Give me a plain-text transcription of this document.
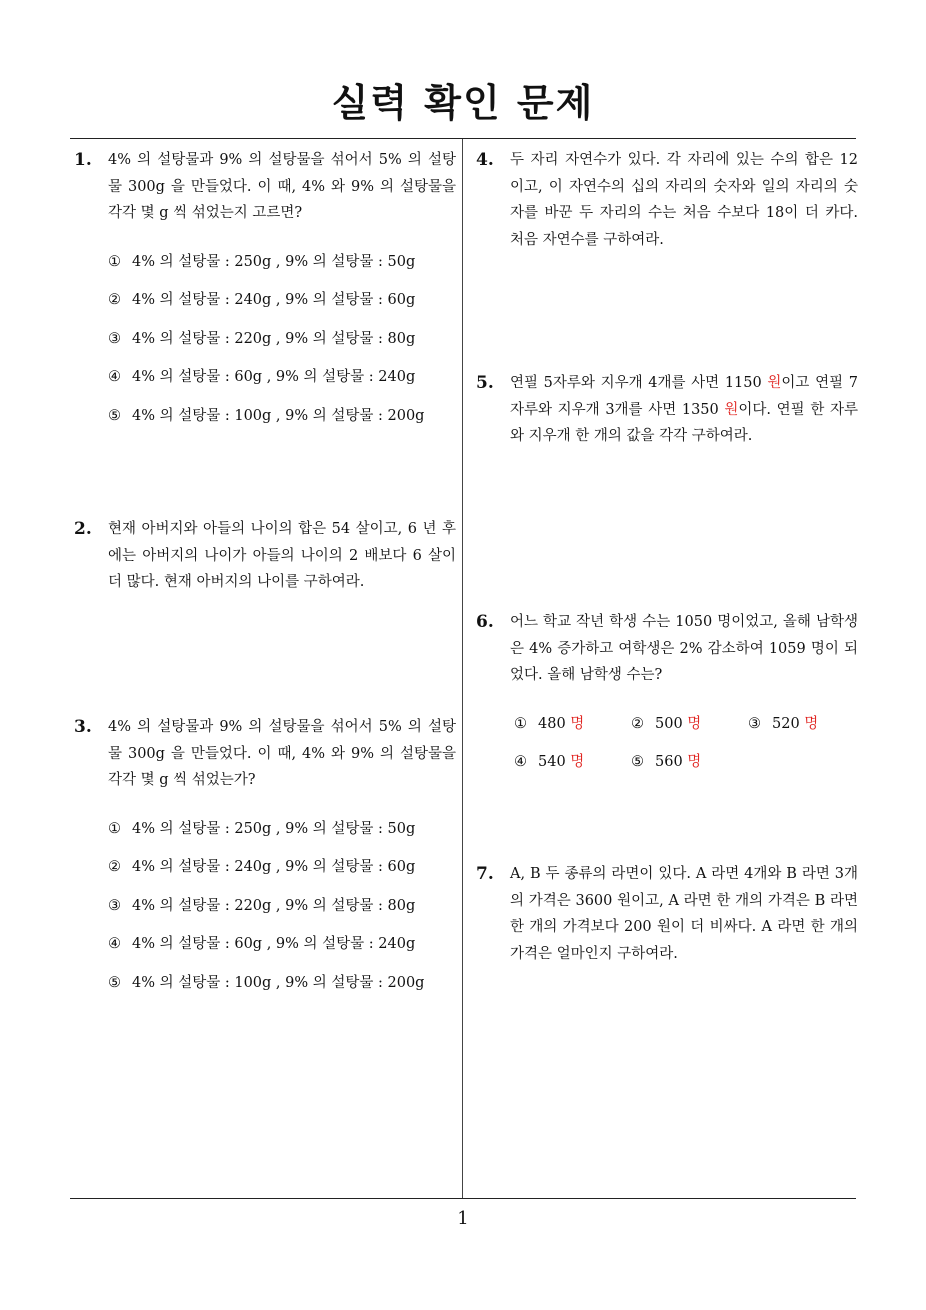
실력 확인 문제
1. 4% 의 설탕물과 9% 의 설탕물을 섞어서 5% 의 설탕물 300g 을 만들었다. 이 때, 4% 와 9% 의 설탕물을 각각 몇 g 씩 섞었는지 고르면?
① 4% 의 설탕물 : 250g , 9% 의 설탕물 : 50g
② 4% 의 설탕물 : 240g , 9% 의 설탕물 : 60g
③ 4% 의 설탕물 : 220g , 9% 의 설탕물 : 80g
④ 4% 의 설탕물 : 60g , 9% 의 설탕물 : 240g
⑤ 4% 의 설탕물 : 100g , 9% 의 설탕물 : 200g
2. 현재 아버지와 아들의 나이의 합은 54 살이고, 6 년 후에는 아버지의 나이가 아들의 나이의 2 배보다 6 살이 더 많다. 현재 아버지의 나이를 구하여라.
3. 4% 의 설탕물과 9% 의 설탕물을 섞어서 5% 의 설탕물 300g 을 만들었다. 이 때, 4% 와 9% 의 설탕물을 각각 몇 g 씩 섞었는가?
① 4% 의 설탕물 : 250g , 9% 의 설탕물 : 50g
② 4% 의 설탕물 : 240g , 9% 의 설탕물 : 60g
③ 4% 의 설탕물 : 220g , 9% 의 설탕물 : 80g
④ 4% 의 설탕물 : 60g , 9% 의 설탕물 : 240g
⑤ 4% 의 설탕물 : 100g , 9% 의 설탕물 : 200g
4. 두 자리 자연수가 있다. 각 자리에 있는 수의 합은 12 이고, 이 자연수의 십의 자리의 숫자와 일의 자리의 숫자를 바꾼 두 자리의 수는 처음 수보다 18이 더 카다. 처음 자연수를 구하여라.
5. 연필 5자루와 지우개 4개를 사면 1150 원이고 연필 7 자루와 지우개 3개를 사면 1350 원이다. 연필 한 자루와 지우개 한 개의 값을 각각 구하여라.
6. 어느 학교 작년 학생 수는 1050 명이었고, 올해 남학생은 4% 증가하고 여학생은 2% 감소하여 1059 명이 되었다. 올해 남학생 수는?
① 480 명	② 500 명	③ 520 명
④ 540 명	⑤ 560 명
7. A, B 두 종류의 라면이 있다. A 라면 4개와 B 라면 3개의 가격은 3600 원이고, A 라면 한 개의 가격은 B 라면 한 개의 가격보다 200 원이 더 비싸다. A 라면 한 개의 가격은 얼마인지 구하여라.
1
